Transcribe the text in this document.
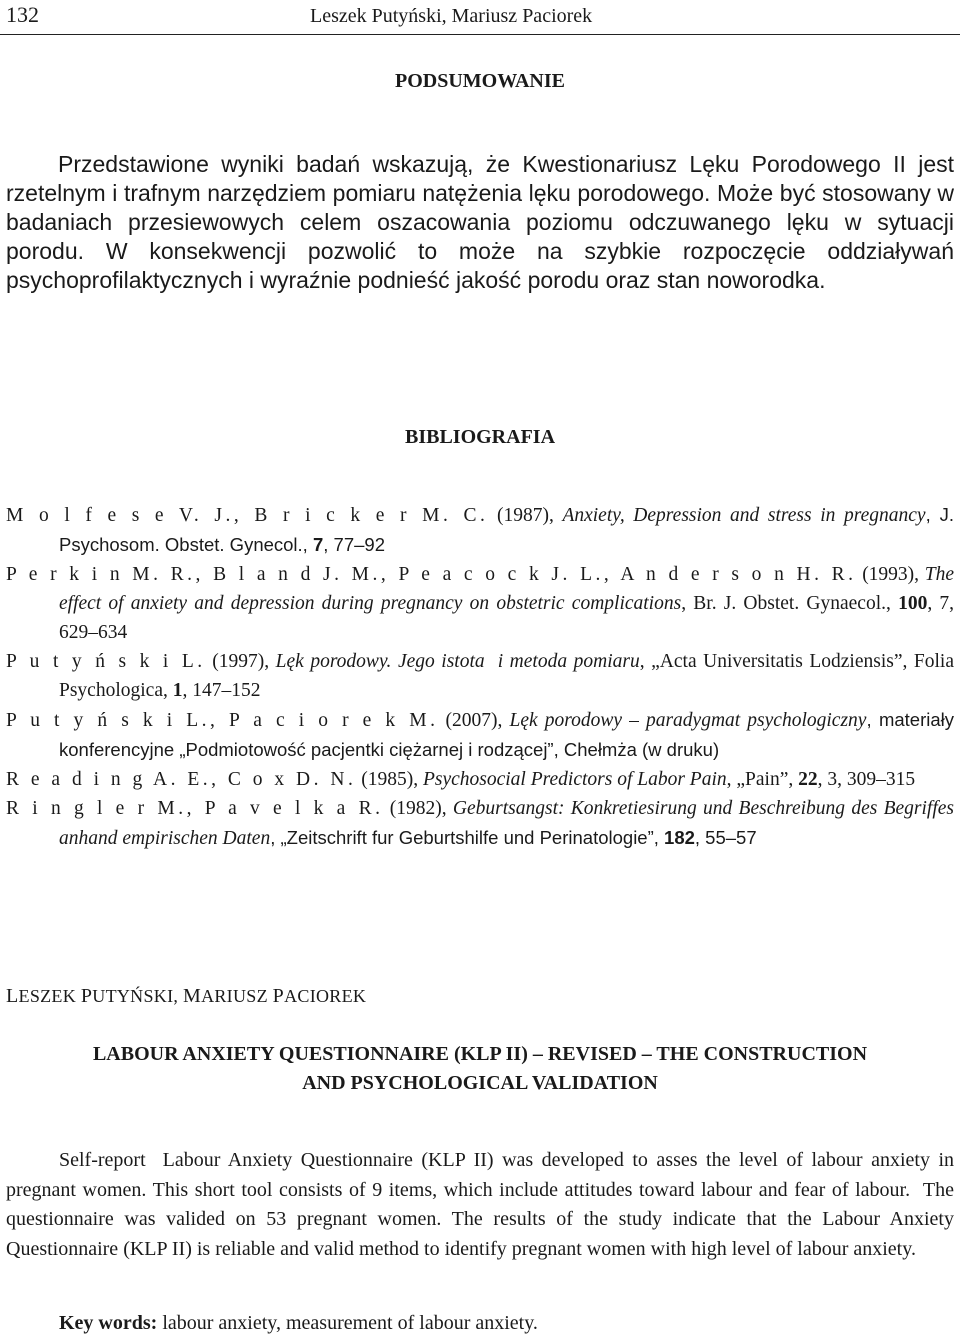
132	Leszek Putyński, Mariusz Paciorek
PODSUMOWANIE

Przedstawione wyniki badań wskazują, że Kwestionariusz Lęku Porodowego II jest rzetelnym i trafnym narzędziem pomiaru natężenia lęku porodowego. Może być stosowany w badaniach przesiewowych celem oszacowania poziomu odczuwanego lęku w sytuacji porodu. W konsekwencji pozwolić to może na szybkie rozpoczęcie oddziaływań psychoprofilaktycznych i wyraźnie podnieść jakość porodu oraz stan noworodka.

BIBLIOGRAFIA

M o l f e s e V. J., B r i c k e r M. C. (1987), Anxiety, Depression and stress in pregnancy, J. Psychosom. Obstet. Gynecol., 7, 77–92

P e r k i n M. R., B l a n d J. M., P e a c o c k J. L., A n d e r s o n H. R. (1993), The effect of anxiety and depression during pregnancy on obstetric complications, Br. J. Obstet. Gynaecol., 100, 7, 629–634

P u t y ń s k i L. (1997), Lęk porodowy. Jego istota  i metoda pomiaru, „Acta Universitatis Lodziensis”, Folia Psychologica, 1, 147–152

P u t y ń s k i L., P a c i o r e k M. (2007), Lęk porodowy – paradygmat psychologiczny, materiały konferencyjne „Podmiotowość pacjentki ciężarnej i rodzącej”, Chełmża (w druku)

R e a d i n g A. E., C o x D. N. (1985), Psychosocial Predictors of Labor Pain, „Pain”, 22, 3, 309–315

R i n g l e r M., P a v e l k a R. (1982), Geburtsangst: Konkretiesirung und Beschreibung des Begriffes anhand empirischen Daten, „Zeitschrift fur Geburtshilfe und Perinatologie”, 182, 55–57

LESZEK PUTYŃSKI, MARIUSZ PACIOREK
LABOUR ANXIETY QUESTIONNAIRE (KLP II) – REVISED – THE CONSTRUCTION
AND PSYCHOLOGICAL VALIDATION

Self-report  Labour Anxiety Questionnaire (KLP II) was developed to asses the level of labour anxiety in pregnant women. This short tool consists of 9 items, which include attitudes toward labour and fear of labour.  The questionnaire was valided on 53 pregnant women. The results of the study indicate that the Labour Anxiety Questionnaire (KLP II) is reliable and valid method to identify pregnant women with high level of labour anxiety.

Key words: labour anxiety, measurement of labour anxiety.
